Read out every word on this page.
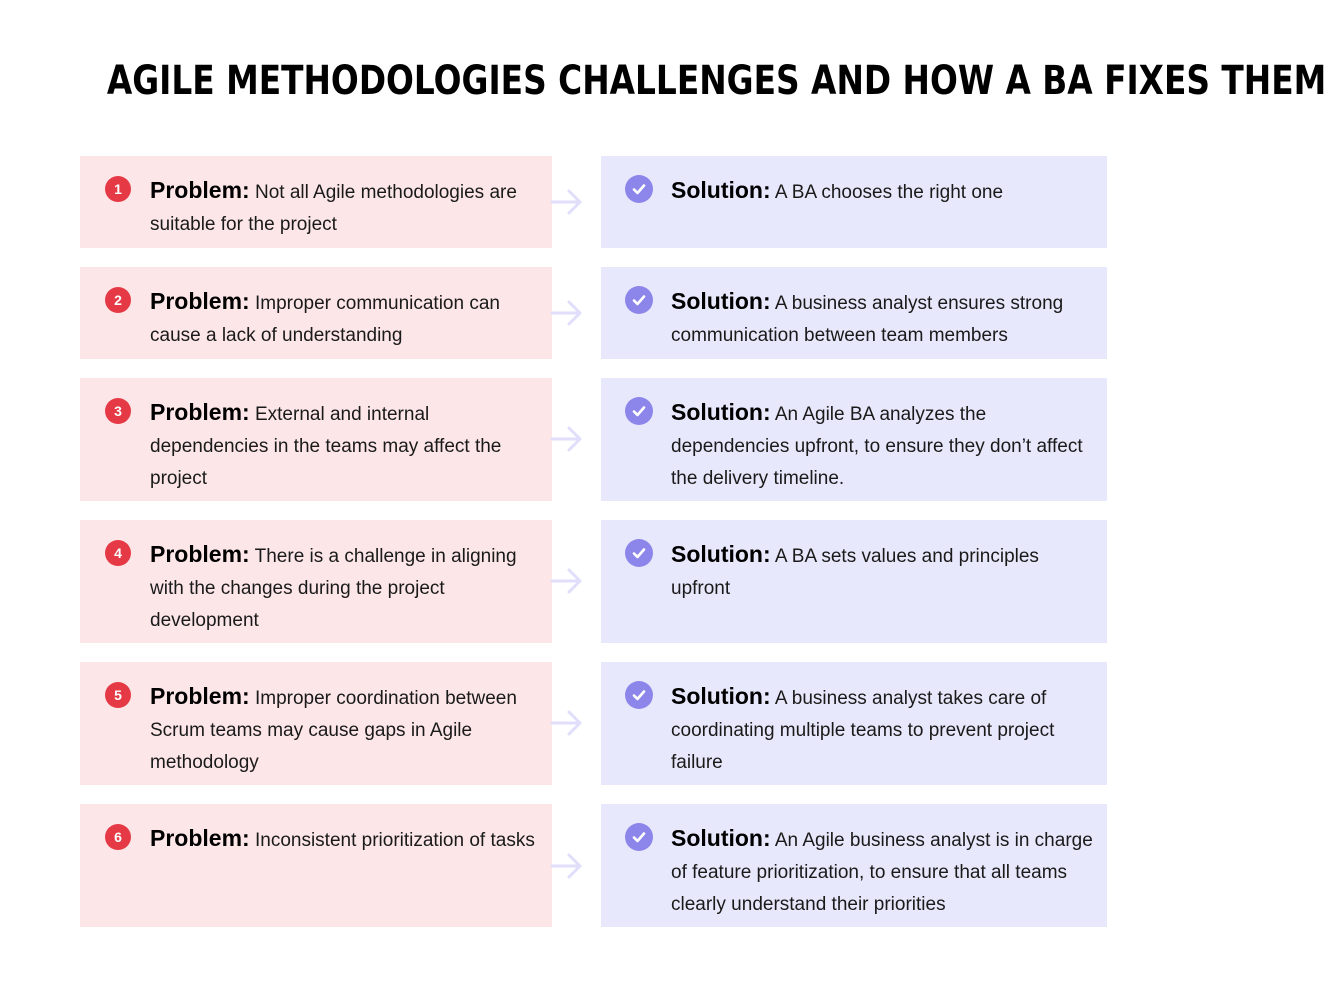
AGILE METHODOLOGIES CHALLENGES AND HOW A BA FIXES THEM
1	Problem: Not all Agile methodologies are suitable for the project
Solution: A BA chooses the right one
2	Problem: Improper communication can cause a lack of understanding
Solution: A business analyst ensures strong communication between team members
3	Problem: External and internal dependencies in the teams may affect the project
Solution: An Agile BA analyzes the dependencies upfront, to ensure they don’t affect the delivery timeline.
4	Problem: There is a challenge in aligning with the changes during the project development
Solution: A BA sets values and principles upfront
5	Problem: Improper coordination between Scrum teams may cause gaps in Agile methodology
Solution: A business analyst takes care of coordinating multiple teams to prevent project failure
6	Problem: Inconsistent prioritization of tasks	Solution: An Agile business analyst is in charge of feature prioritization, to ensure that all teams clearly understand their priorities
